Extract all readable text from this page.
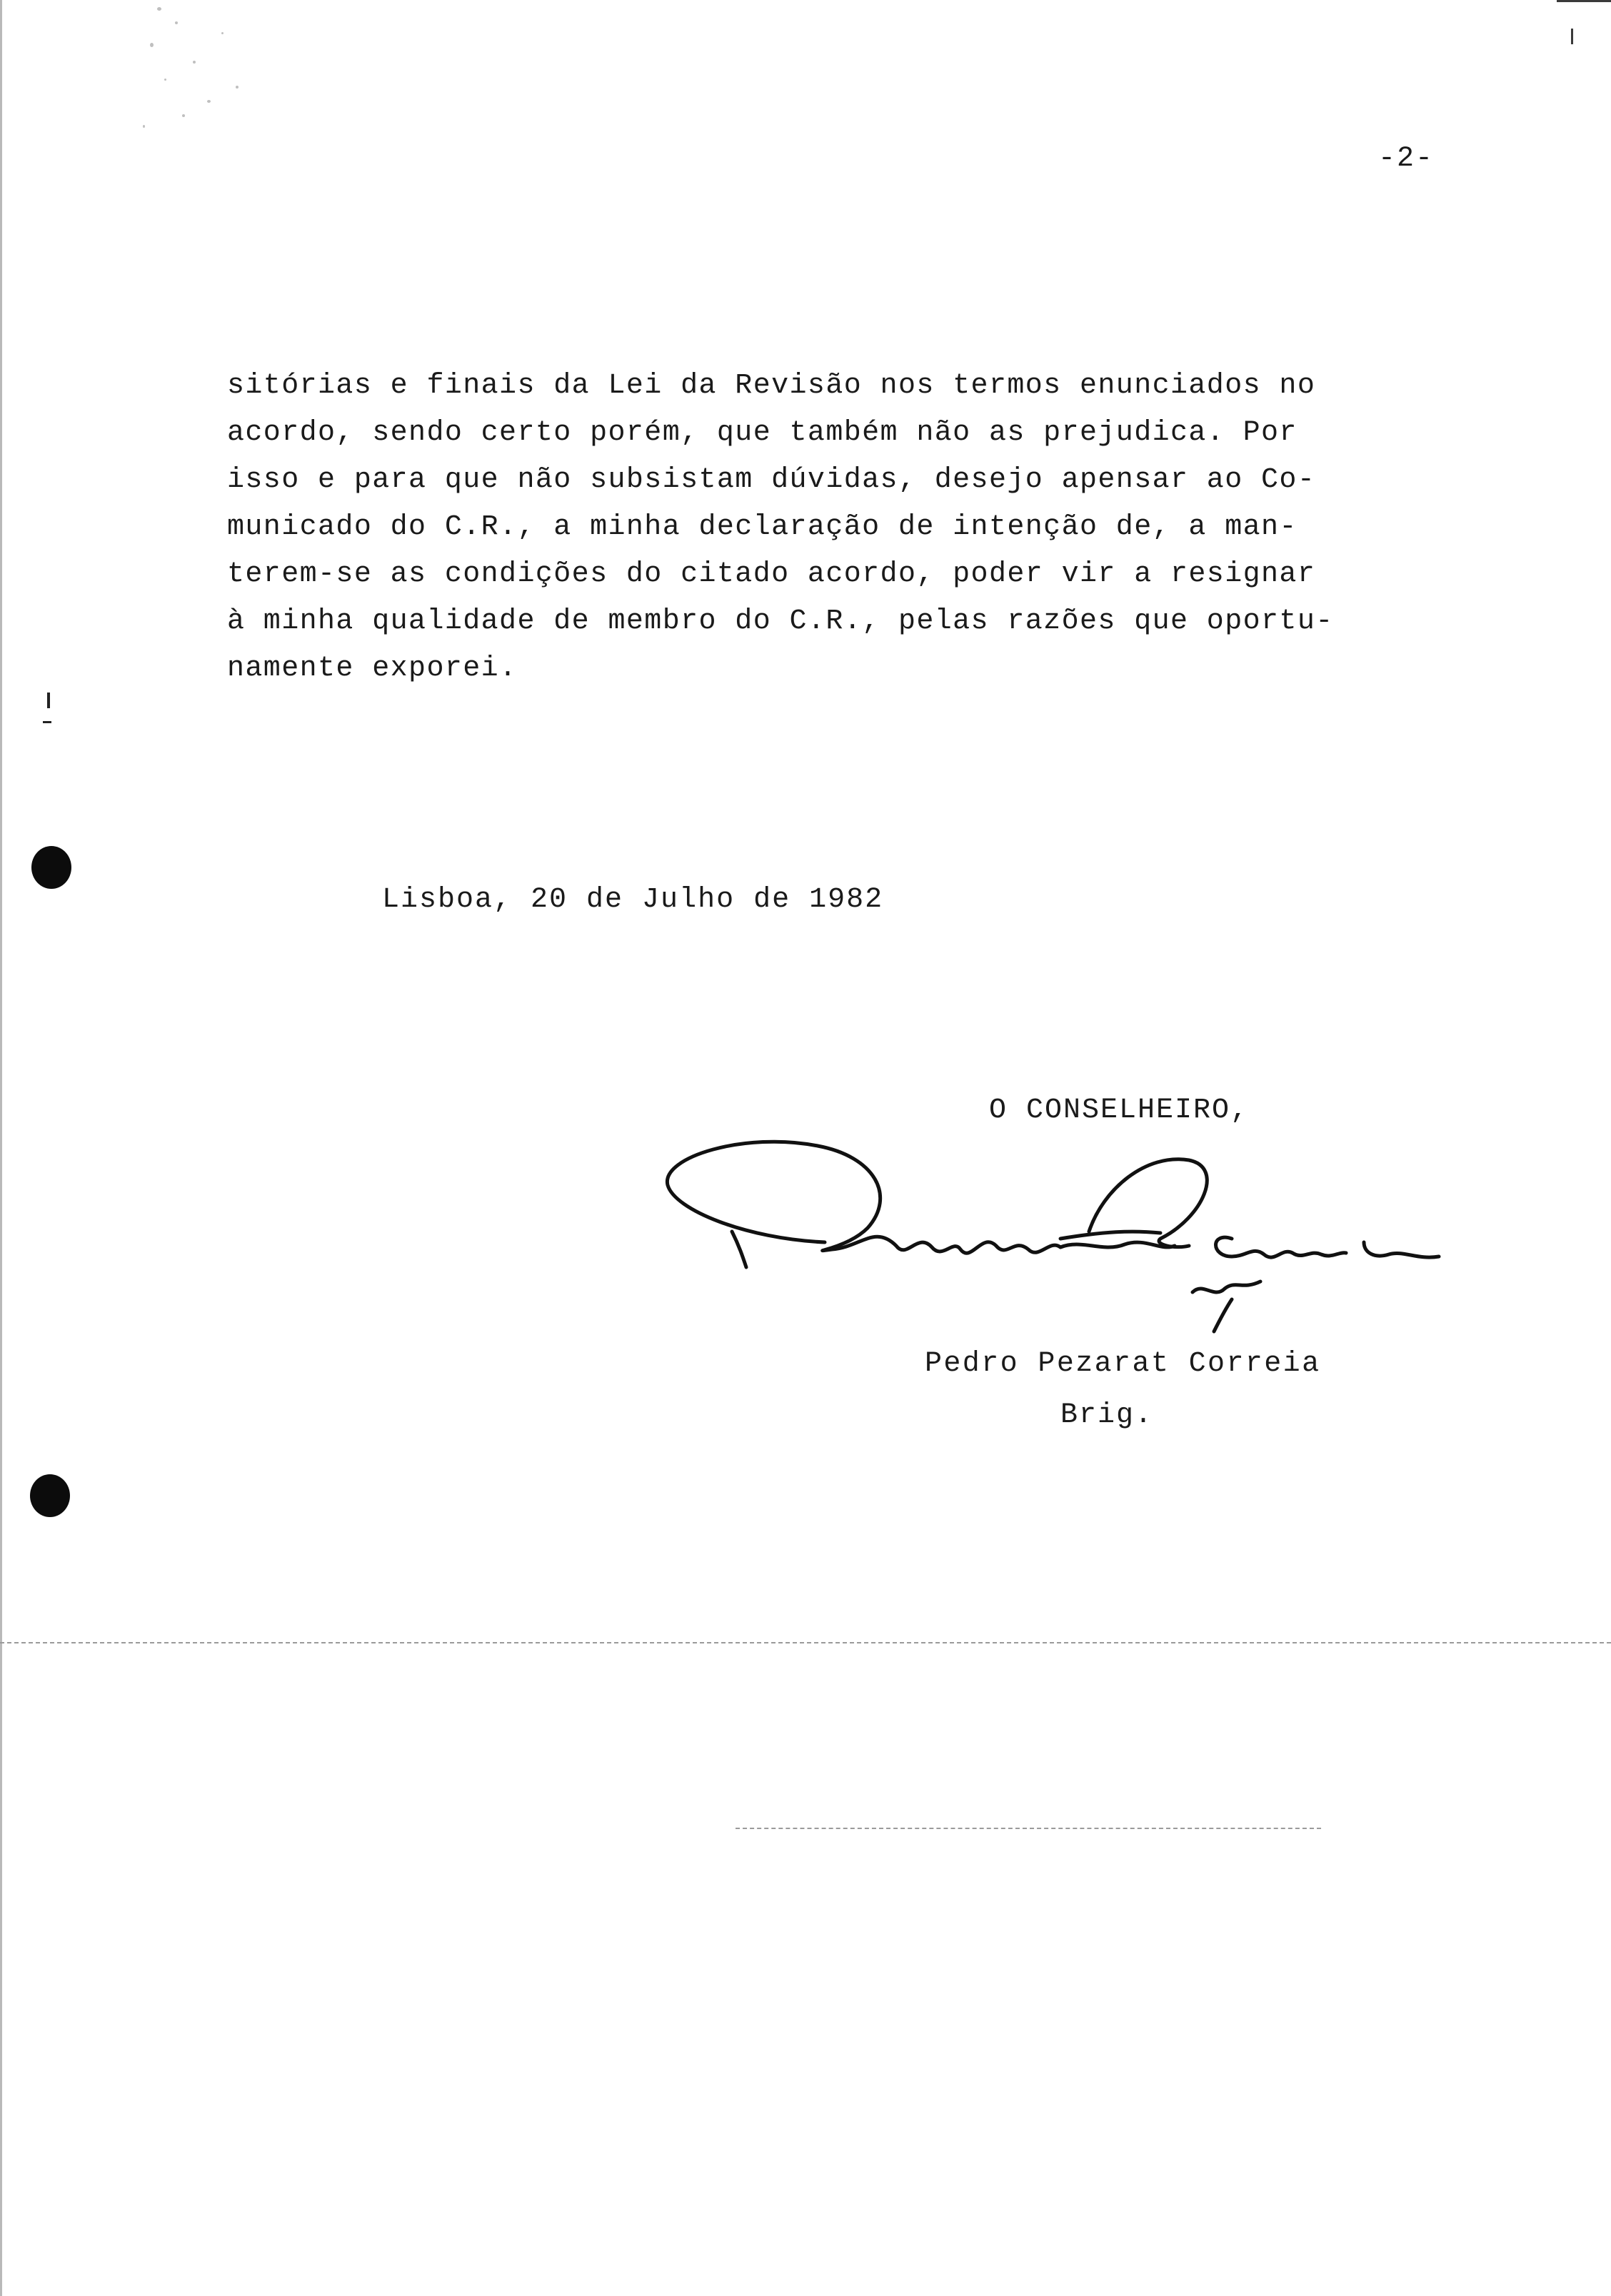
-2-
sitórias e finais da Lei da Revisão nos termos enunciados no
acordo, sendo certo porém, que também não as prejudica. Por
isso e para que não subsistam dúvidas, desejo apensar ao Co-
municado do C.R., a minha declaração de intenção de, a man-
terem-se as condições do citado acordo, poder vir a resignar
à minha qualidade de membro do C.R., pelas razões que oportu-
namente exporei.
Lisboa, 20 de Julho de 1982
O CONSELHEIRO,
Pedro Pezarat Correia
Brig.
